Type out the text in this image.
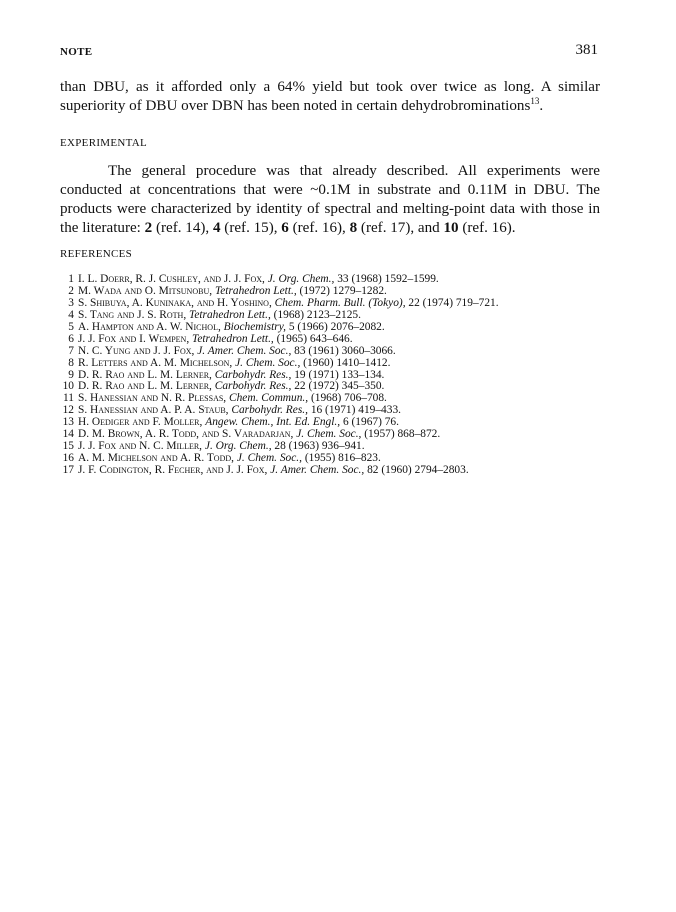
NOTE	381

than DBU, as it afforded only a 64% yield but took over twice as long. A similar superiority of DBU over DBN has been noted in certain dehydrobrominations$^{13}$.

EXPERIMENTAL

The general procedure was that already described. All experiments were conducted at concentrations that were ~0.1M in substrate and 0.11M in DBU. The products were characterized by identity of spectral and melting-point data with those in the literature: 2 (ref. 14), 4 (ref. 15), 6 (ref. 16), 8 (ref. 17), and 10 (ref. 16).

REFERENCES
1 I. L. Doerr, R. J. Cushley, and J. J. Fox, J. Org. Chem., 33 (1968) 1592–1599.
2 M. Wada and O. Mitsunobu, Tetrahedron Lett., (1972) 1279–1282.
3 S. Shibuya, A. Kuninaka, and H. Yoshino, Chem. Pharm. Bull. (Tokyo), 22 (1974) 719–721.
4 S. Tang and J. S. Roth, Tetrahedron Lett., (1968) 2123–2125.
5 A. Hampton and A. W. Nichol, Biochemistry, 5 (1966) 2076–2082.
6 J. J. Fox and I. Wempen, Tetrahedron Lett., (1965) 643–646.
7 N. C. Yung and J. J. Fox, J. Amer. Chem. Soc., 83 (1961) 3060–3066.
8 R. Letters and A. M. Michelson, J. Chem. Soc., (1960) 1410–1412.
9 D. R. Rao and L. M. Lerner, Carbohydr. Res., 19 (1971) 133–134.
10 D. R. Rao and L. M. Lerner, Carbohydr. Res., 22 (1972) 345–350.
11 S. Hanessian and N. R. Plessas, Chem. Commun., (1968) 706–708.
12 S. Hanessian and A. P. A. Staub, Carbohydr. Res., 16 (1971) 419–433.
13 H. Oediger and F. Moller, Angew. Chem., Int. Ed. Engl., 6 (1967) 76.
14 D. M. Brown, A. R. Todd, and S. Varadarjan, J. Chem. Soc., (1957) 868–872.
15 J. J. Fox and N. C. Miller, J. Org. Chem., 28 (1963) 936–941.
16 A. M. Michelson and A. R. Todd, J. Chem. Soc., (1955) 816–823.
17 J. F. Codington, R. Fecher, and J. J. Fox, J. Amer. Chem. Soc., 82 (1960) 2794–2803.
